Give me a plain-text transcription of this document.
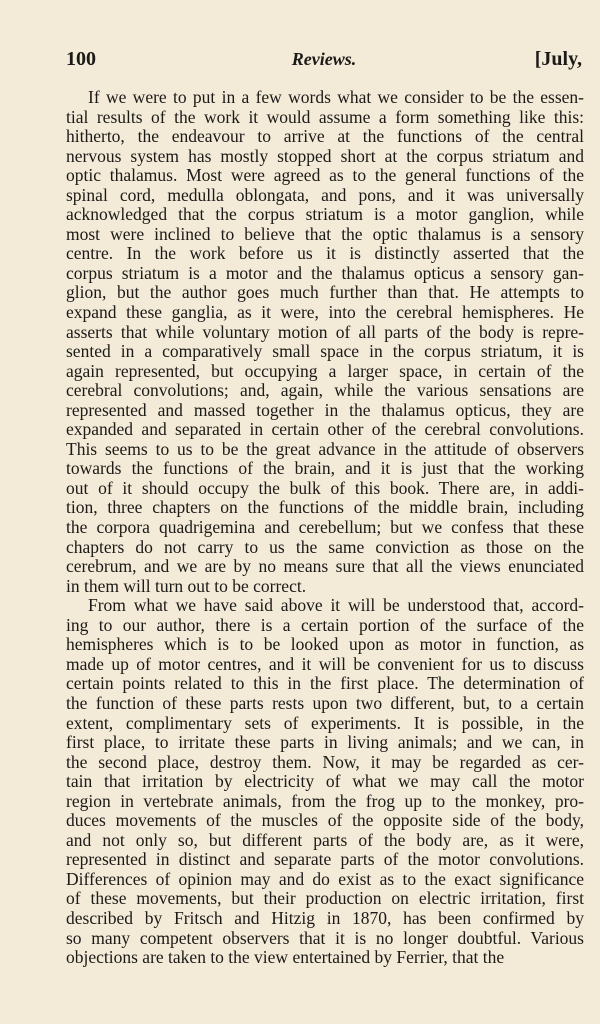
100	Reviews.	[July,
If we were to put in a few words what we consider to be the essen-
tial results of the work it would assume a form something like this:
hitherto, the endeavour to arrive at the functions of the central
nervous system has mostly stopped short at the corpus striatum and
optic thalamus. Most were agreed as to the general functions of the
spinal cord, medulla oblongata, and pons, and it was universally
acknowledged that the corpus striatum is a motor ganglion, while
most were inclined to believe that the optic thalamus is a sensory
centre. In the work before us it is distinctly asserted that the
corpus striatum is a motor and the thalamus opticus a sensory gan-
glion, but the author goes much further than that. He attempts to
expand these ganglia, as it were, into the cerebral hemispheres. He
asserts that while voluntary motion of all parts of the body is repre-
sented in a comparatively small space in the corpus striatum, it is
again represented, but occupying a larger space, in certain of the
cerebral convolutions; and, again, while the various sensations are
represented and massed together in the thalamus opticus, they are
expanded and separated in certain other of the cerebral convolutions.
This seems to us to be the great advance in the attitude of observers
towards the functions of the brain, and it is just that the working
out of it should occupy the bulk of this book. There are, in addi-
tion, three chapters on the functions of the middle brain, including
the corpora quadrigemina and cerebellum; but we confess that these
chapters do not carry to us the same conviction as those on the
cerebrum, and we are by no means sure that all the views enunciated
in them will turn out to be correct.
From what we have said above it will be understood that, accord-
ing to our author, there is a certain portion of the surface of the
hemispheres which is to be looked upon as motor in function, as
made up of motor centres, and it will be convenient for us to discuss
certain points related to this in the first place. The determination of
the function of these parts rests upon two different, but, to a certain
extent, complimentary sets of experiments. It is possible, in the
first place, to irritate these parts in living animals; and we can, in
the second place, destroy them. Now, it may be regarded as cer-
tain that irritation by electricity of what we may call the motor
region in vertebrate animals, from the frog up to the monkey, pro-
duces movements of the muscles of the opposite side of the body,
and not only so, but different parts of the body are, as it were,
represented in distinct and separate parts of the motor convolutions.
Differences of opinion may and do exist as to the exact significance
of these movements, but their production on electric irritation, first
described by Fritsch and Hitzig in 1870, has been confirmed by
so many competent observers that it is no longer doubtful. Various
objections are taken to the view entertained by Ferrier, that the
